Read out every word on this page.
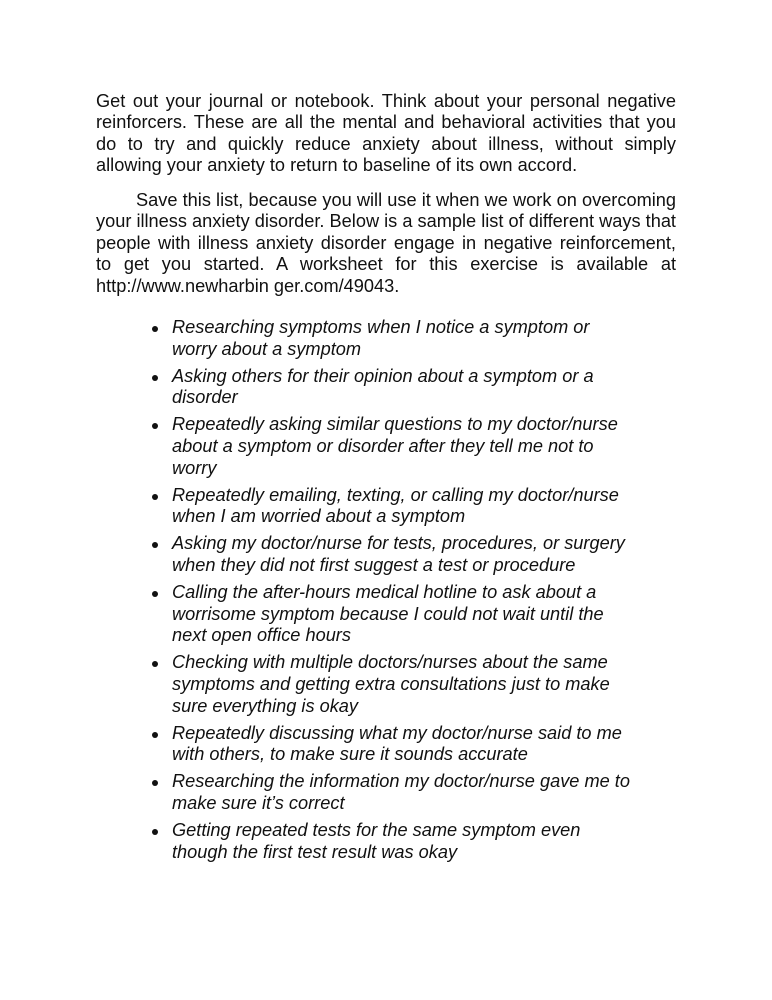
Get out your journal or notebook. Think about your personal negative reinforcers. These are all the mental and behavioral activities that you do to try and quickly reduce anxiety about illness, without simply allowing your anxiety to return to baseline of its own accord.

Save this list, because you will use it when we work on overcoming your illness anxiety disorder. Below is a sample list of different ways that people with illness anxiety disorder engage in negative reinforcement, to get you started. A worksheet for this exercise is available at http://www.newharbin ger.com/49043.

Researching symptoms when I notice a symptom or worry about a symptom
Asking others for their opinion about a symptom or a disorder
Repeatedly asking similar questions to my doctor/nurse about a symptom or disorder after they tell me not to worry
Repeatedly emailing, texting, or calling my doctor/nurse when I am worried about a symptom
Asking my doctor/nurse for tests, procedures, or surgery when they did not first suggest a test or procedure
Calling the after-hours medical hotline to ask about a worrisome symptom because I could not wait until the next open office hours
Checking with multiple doctors/nurses about the same symptoms and getting extra consultations just to make sure everything is okay
Repeatedly discussing what my doctor/nurse said to me with others, to make sure it sounds accurate
Researching the information my doctor/nurse gave me to make sure it’s correct
Getting repeated tests for the same symptom even though the first test result was okay
